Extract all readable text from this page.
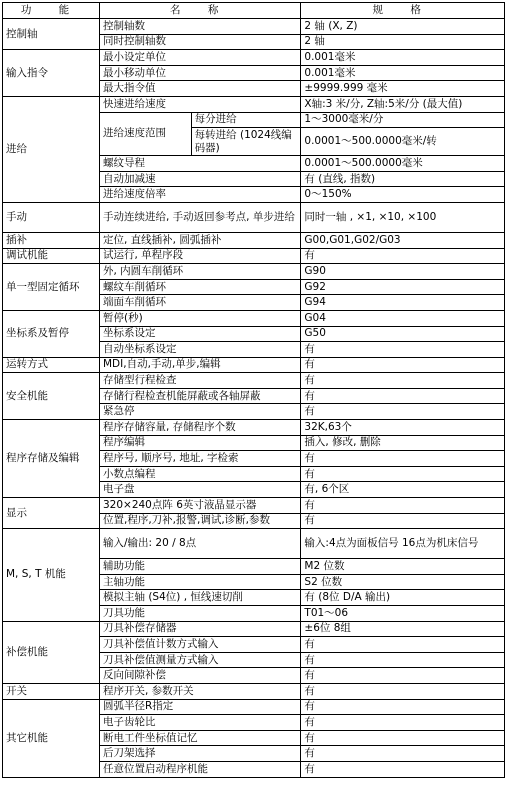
功 能	名 称		规 格
控制轴	控制轴数		2 轴 (X, Z)
	同时控制轴数		2 轴
输入指令	最小设定单位		0.001毫米
	最小移动单位		0.001毫米
	最大指令值		±9999.999 毫米
进给	快速进给速度		X轴:3 米/分, Z轴:5米/分 (最大值)
	进给速度范围	每分进给	1～3000毫米/分
		每转进给 (1024线编码器)	0.0001～500.0000毫米/转
	螺纹导程		0.0001～500.0000毫米
	自动加减速		有 (直线, 指数)
	进给速度倍率		0～150%
手动	手动连续进给, 手动返回参考点, 单步进给		同时一轴 , ×1, ×10, ×100
插补	定位, 直线插补, 圆弧插补		G00,G01,G02/G03
调试机能	试运行, 单程序段		有
单一型固定循环	外, 内圆车削循环		G90
	螺纹车削循环		G92
	端面车削循环		G94
坐标系及暂停	暂停(秒)		G04
	坐标系设定		G50
	自动坐标系设定		有
运转方式	MDI,自动,手动,单步,编辑		有
安全机能	存储型行程检查		有
	存储行程检查机能屏蔽或各轴屏蔽		有
	紧急停		有
程序存储及编辑	程序存储容量, 存储程序个数		32K,63个
	程序编辑		插入, 修改, 删除
	程序号, 顺序号, 地址, 字检索		有
	小数点编程		有
	电子盘		有, 6个区
显示	320×240点阵 6英寸液晶显示器		有
	位置,程序,刀补,报警,调试,诊断,参数		有
M, S, T 机能	输入/输出: 20 / 8点		输入:4点为面板信号 16点为机床信号
	辅助功能		M2 位数
	主轴功能		S2 位数
	模拟主轴 (S4位) , 恒线速切削		有 (8位 D/A 输出)
	刀具功能		T01～06
补偿机能	刀具补偿存储器		±6位 8组
	刀具补偿值计数方式输入		有
	刀具补偿值测量方式输入		有
	反向间隙补偿		有
开关	程序开关, 参数开关		有
其它机能	圆弧半径R指定		有
	电子齿轮比		有
	断电工件坐标值记忆		有
	后刀架选择		有
	任意位置启动程序机能		有
